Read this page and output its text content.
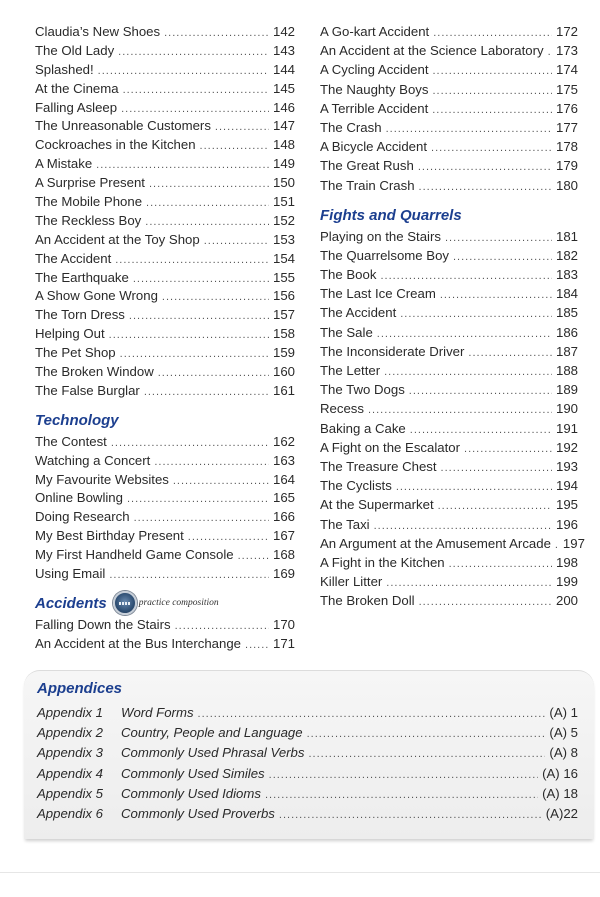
Claudia’s New Shoes .....	142
The Old Lady .....	143
Splashed! .....	144
At the Cinema .....	145
Falling Asleep .....	146
The Unreasonable Customers .....	147
Cockroaches in the Kitchen .....	148
A Mistake .....	149
A Surprise Present .....	150
The Mobile Phone .....	151
The Reckless Boy .....	152
An Accident at the Toy Shop .....	153
The Accident .....	154
The Earthquake .....	155
A Show Gone Wrong .....	156
The Torn Dress .....	157
Helping Out .....	158
The Pet Shop .....	159
The Broken Window .....	160
The False Burglar .....	161
Technology
The Contest .....	162
Watching a Concert .....	163
My Favourite Websites .....	164
Online Bowling .....	165
Doing Research .....	166
My Best Birthday Present .....	167
My First Handheld Game Console .....	168
Using Email .....	169
Accidents	practice composition
Falling Down the Stairs .....	170
An Accident at the Bus Interchange ..... 171
A Go-kart Accident .....	172
An Accident at the Science Laboratory ..... 173
A Cycling Accident .....	174
The Naughty Boys .....	175
A Terrible Accident .....	176
The Crash .....	177
A Bicycle Accident .....	178
The Great Rush .....	179
The Train Crash .....	180
Fights and Quarrels
Playing on the Stairs .....	181
The Quarrelsome Boy .....	182
The Book .....	183
The Last Ice Cream .....	184
The Accident .....	185
The Sale .....	186
The Inconsiderate Driver .....	187
The Letter .....	188
The Two Dogs .....	189
Recess .....	190
Baking a Cake .....	191
A Fight on the Escalator .....	192
The Treasure Chest .....	193
The Cyclists .....	194
At the Supermarket .....	195
The Taxi .....	196
An Argument at the Amusement Arcade ..... 197
A Fight in the Kitchen .....	198
Killer Litter .....	199
The Broken Doll .....	200
Appendices
Appendix 1	Word Forms .....	(A) 1
Appendix 2	Country, People and Language .....	(A) 5
Appendix 3	Commonly Used Phrasal Verbs .....	(A) 8
Appendix 4	Commonly Used Similes .....	(A) 16
Appendix 5	Commonly Used Idioms .....	(A) 18
Appendix 6	Commonly Used Proverbs .....	(A)22
